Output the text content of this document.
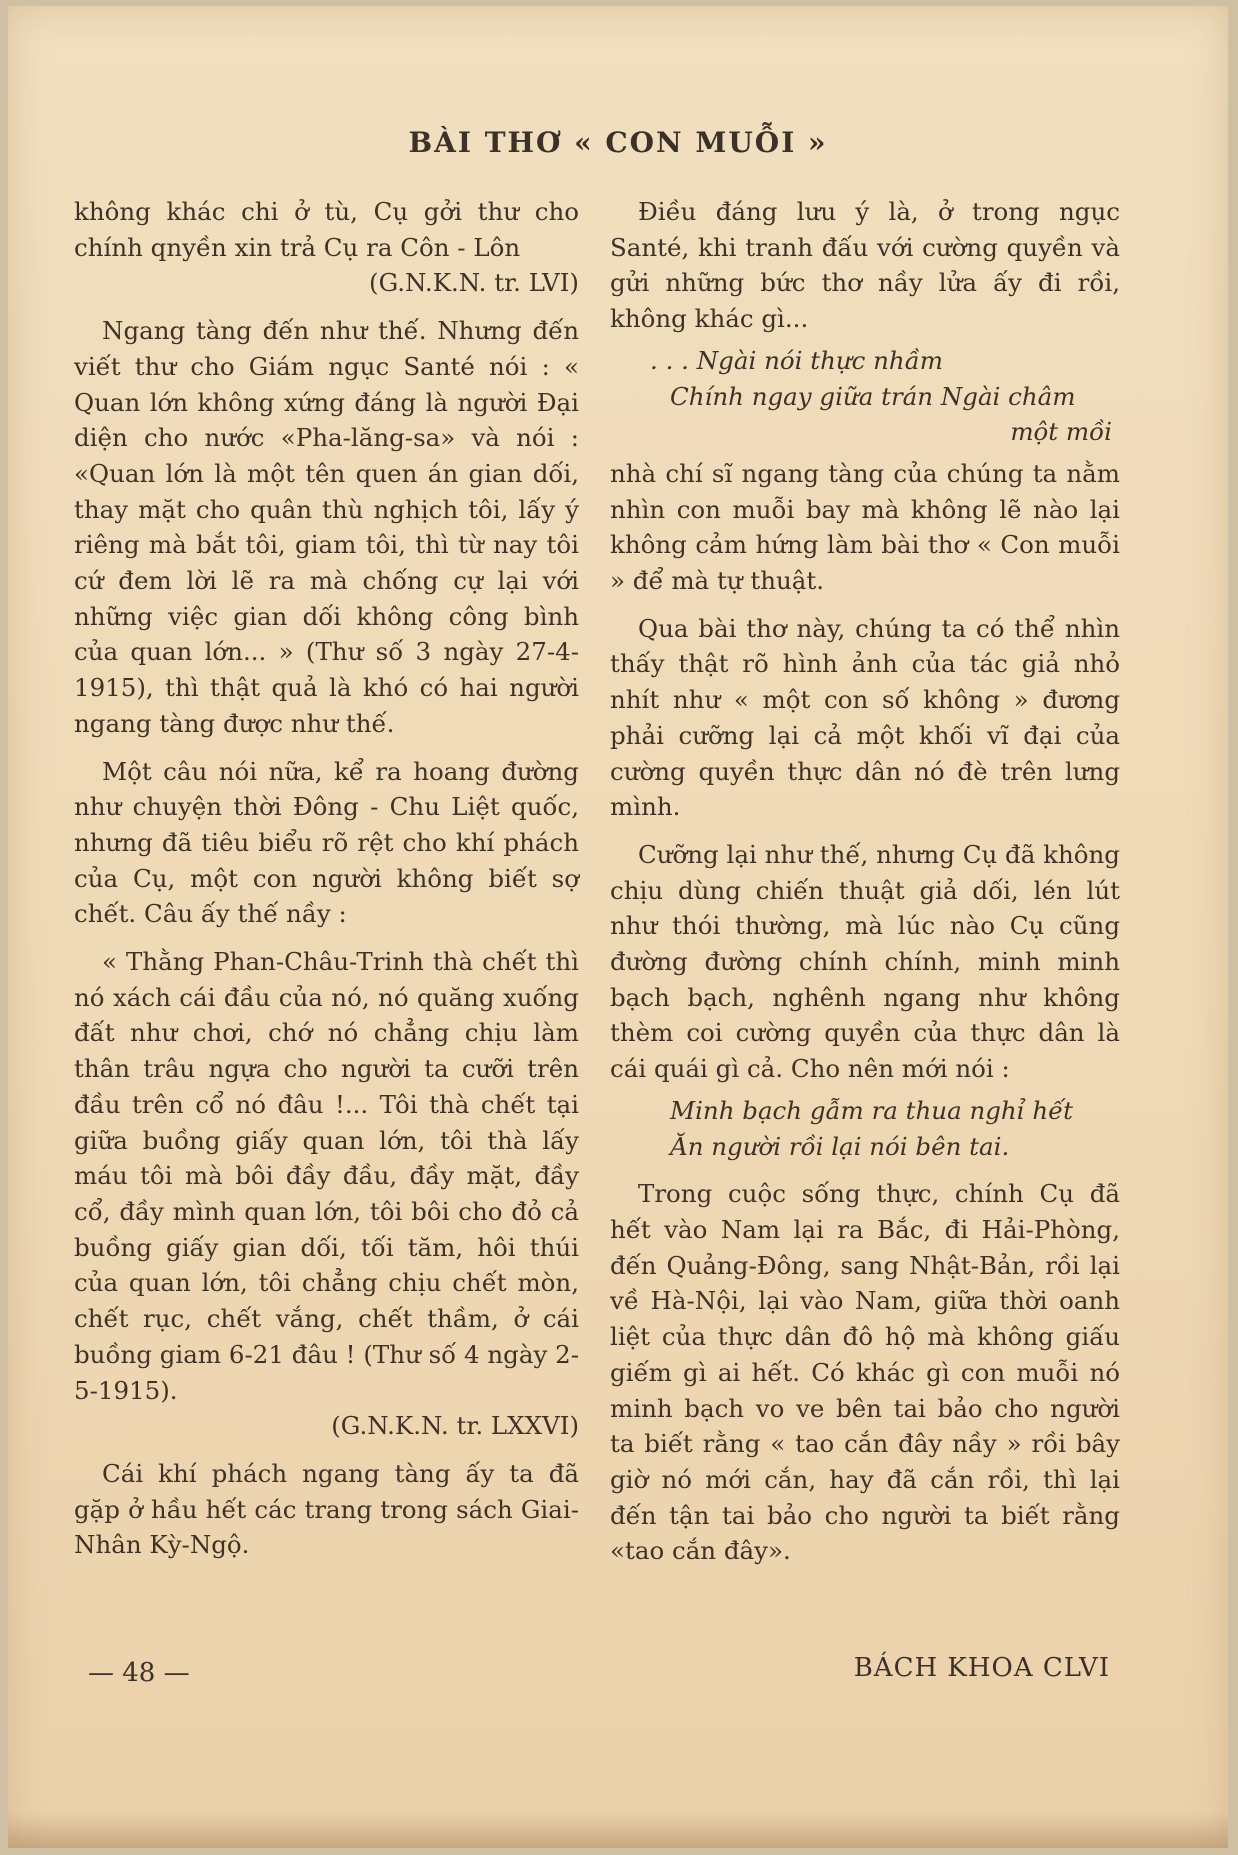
BÀI THƠ « CON MUỖI »

không khác chi ở tù, Cụ gởi thư cho chính qnyền xin trả Cụ ra Côn - Lôn

(G.N.K.N. tr. LVI)

Ngang tàng đến như thế. Nhưng đến viết thư cho Giám ngục Santé nói : « Quan lớn không xứng đáng là người Đại diện cho nước «Pha-lăng-sa» và nói : «Quan lớn là một tên quen án gian dối, thay mặt cho quân thù nghịch tôi, lấy ý riêng mà bắt tôi, giam tôi, thì từ nay tôi cứ đem lời lẽ ra mà chống cự lại với những việc gian dối không công bình của quan lớn... » (Thư số 3 ngày 27-4-1915), thì thật quả là khó có hai người ngang tàng được như thế.

Một câu nói nữa, kể ra hoang đường như chuyện thời Đông - Chu Liệt quốc, nhưng đã tiêu biểu rõ rệt cho khí phách của Cụ, một con người không biết sợ chết. Câu ấy thế nầy :

« Thằng Phan-Châu-Trinh thà chết thì nó xách cái đầu của nó, nó quăng xuống đất như chơi, chớ nó chẳng chịu làm thân trâu ngựa cho người ta cưỡi trên đầu trên cổ nó đâu !... Tôi thà chết tại giữa buồng giấy quan lớn, tôi thà lấy máu tôi mà bôi đầy đầu, đầy mặt, đầy cổ, đầy mình quan lớn, tôi bôi cho đỏ cả buồng giấy gian dối, tối tăm, hôi thúi của quan lớn, tôi chẳng chịu chết mòn, chết rục, chết vắng, chết thầm, ở cái buồng giam 6-21 đâu ! (Thư số 4 ngày 2-5-1915).

(G.N.K.N. tr. LXXVI)

Cái khí phách ngang tàng ấy ta đã gặp ở hầu hết các trang trong sách Giai-Nhân Kỳ-Ngộ.

Điều đáng lưu ý là, ở trong ngục Santé, khi tranh đấu với cường quyền và gửi những bức thơ nầy lửa ấy đi rồi, không khác gì...

. . . Ngài nói thực nhầm
Chính ngay giữa trán Ngài châm
một mồi

nhà chí sĩ ngang tàng của chúng ta nằm nhìn con muỗi bay mà không lẽ nào lại không cảm hứng làm bài thơ « Con muỗi » để mà tự thuật.

Qua bài thơ này, chúng ta có thể nhìn thấy thật rõ hình ảnh của tác giả nhỏ nhít như « một con số không » đương phải cưỡng lại cả một khối vĩ đại của cường quyền thực dân nó đè trên lưng mình.

Cưỡng lại như thế, nhưng Cụ đã không chịu dùng chiến thuật giả dối, lén lút như thói thường, mà lúc nào Cụ cũng đường đường chính chính, minh minh bạch bạch, nghênh ngang như không thèm coi cường quyền của thực dân là cái quái gì cả. Cho nên mới nói :

Minh bạch gẫm ra thua nghỉ hết
Ăn người rồi lại nói bên tai.

Trong cuộc sống thực, chính Cụ đã hết vào Nam lại ra Bắc, đi Hải-Phòng, đến Quảng-Đông, sang Nhật-Bản, rồi lại về Hà-Nội, lại vào Nam, giữa thời oanh liệt của thực dân đô hộ mà không giấu giếm gì ai hết. Có khác gì con muỗi nó minh bạch vo ve bên tai bảo cho người ta biết rằng « tao cắn đây nầy » rồi bây giờ nó mới cắn, hay đã cắn rồi, thì lại đến tận tai bảo cho người ta biết rằng «tao cắn đây».

— 48 —	BÁCH KHOA CLVI
